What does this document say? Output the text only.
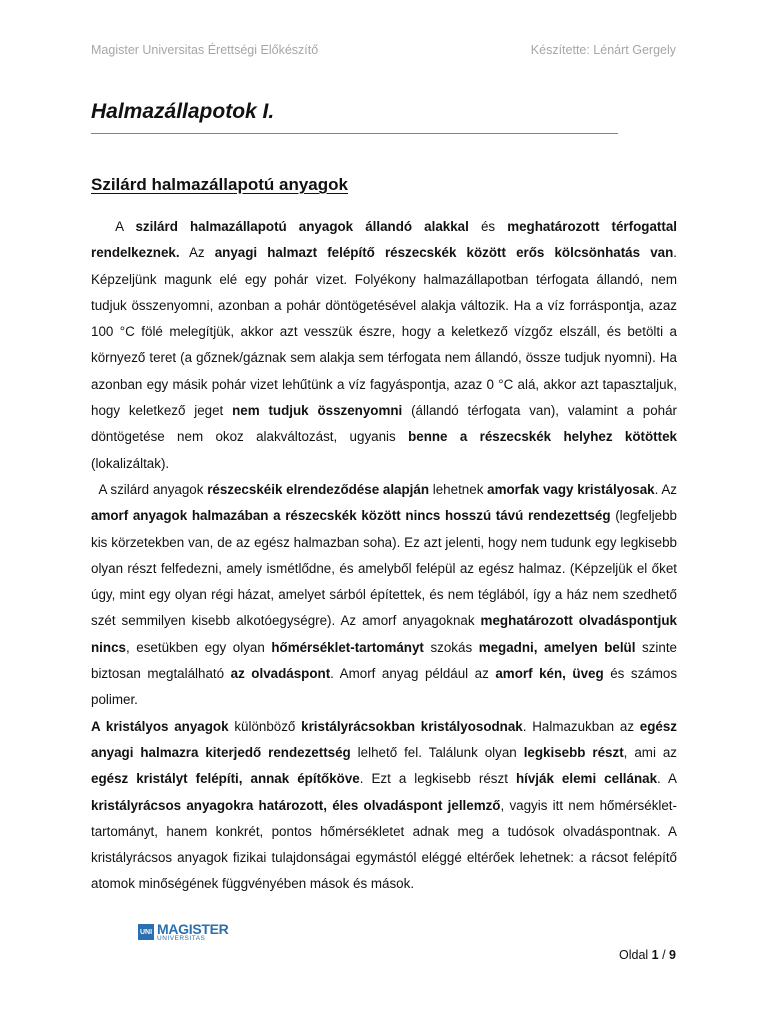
Magister Universitas Érettségi Előkészítő	Készítette: Lénárt Gergely
Halmazállapotok I.
Szilárd halmazállapotú anyagok

A szilárd halmazállapotú anyagok állandó alakkal és meghatározott térfogattal rendelkeznek. Az anyagi halmazt felépítő részecskék között erős kölcsönhatás van. Képzeljünk magunk elé egy pohár vizet. Folyékony halmazállapotban térfogata állandó, nem tudjuk összenyomni, azonban a pohár döntögetésével alakja változik. Ha a víz forráspontja, azaz 100 °C fölé melegítjük, akkor azt vesszük észre, hogy a keletkező vízgőz elszáll, és betölti a környező teret (a gőznek/gáznak sem alakja sem térfogata nem állandó, össze tudjuk nyomni). Ha azonban egy másik pohár vizet lehűtünk a víz fagyáspontja, azaz 0 °C alá, akkor azt tapasztaljuk, hogy keletkező jeget nem tudjuk összenyomni (állandó térfogata van), valamint a pohár döntögetése nem okoz alakváltozást, ugyanis benne a részecskék helyhez kötöttek (lokalizáltak).

A szilárd anyagok részecskéik elrendeződése alapján lehetnek amorfak vagy kristályosak. Az amorf anyagok halmazában a részecskék között nincs hosszú távú rendezettség (legfeljebb kis körzetekben van, de az egész halmazban soha). Ez azt jelenti, hogy nem tudunk egy legkisebb olyan részt felfedezni, amely ismétlődne, és amelyből felépül az egész halmaz. (Képzeljük el őket úgy, mint egy olyan régi házat, amelyet sárból építettek, és nem téglából, így a ház nem szedhető szét semmilyen kisebb alkotóegységre). Az amorf anyagoknak meghatározott olvadáspontjuk nincs, esetükben egy olyan hőmérséklet-tartományt szokás megadni, amelyen belül szinte biztosan megtalálható az olvadáspont. Amorf anyag például az amorf kén, üveg és számos polimer.

A kristályos anyagok különböző kristályrácsokban kristályosodnak. Halmazukban az egész anyagi halmazra kiterjedő rendezettség lelhető fel. Találunk olyan legkisebb részt, ami az egész kristályt felépíti, annak építőköve. Ezt a legkisebb részt hívják elemi cellának. A kristályrácsos anyagokra határozott, éles olvadáspont jellemző, vagyis itt nem hőmérséklet-tartományt, hanem konkrét, pontos hőmérsékletet adnak meg a tudósok olvadáspontnak. A kristályrácsos anyagok fizikai tulajdonságai egymástól eléggé eltérőek lehetnek: a rácsot felépítő atomok minőségének függvényében mások és mások.

UNI MAGISTER
UNIVERSITAS
Oldal 1 / 9
